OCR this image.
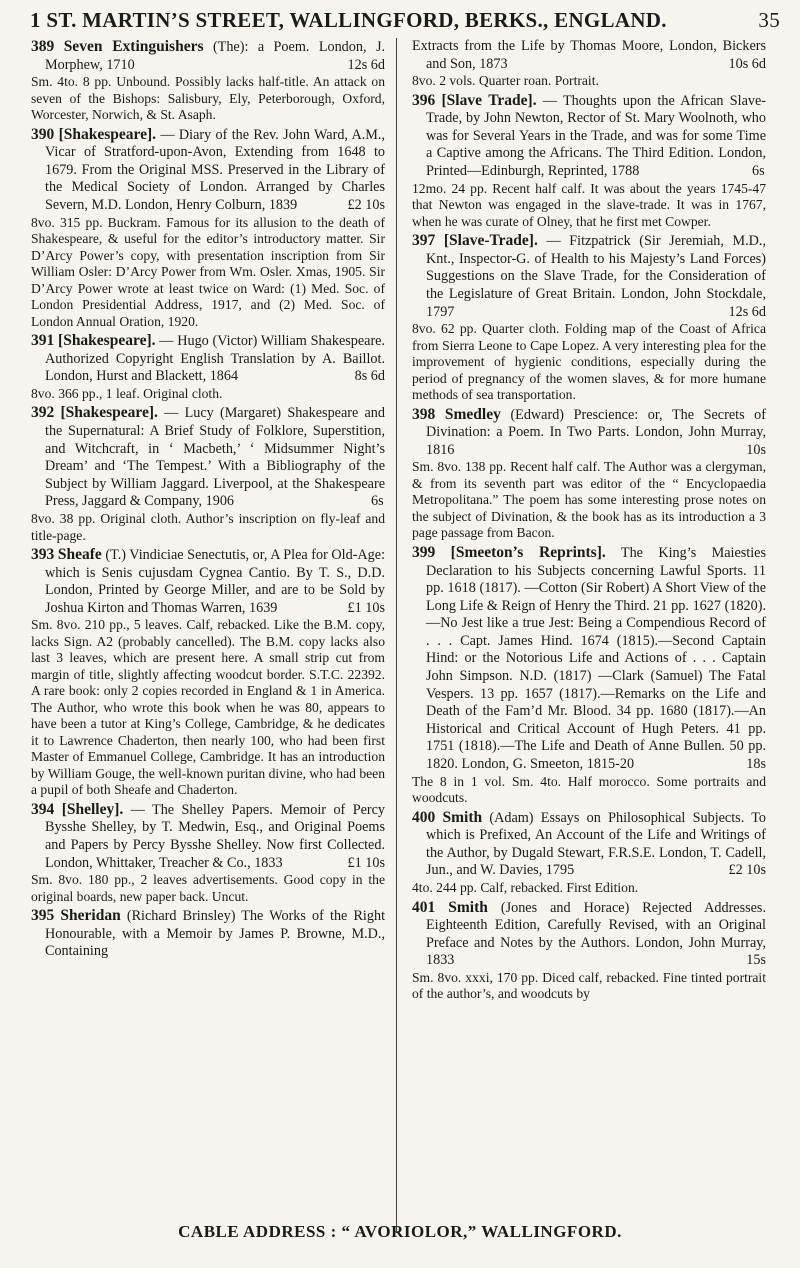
1 ST. MARTIN’S STREET, WALLINGFORD, BERKS., ENGLAND.	35
389 Seven Extinguishers (The): a Poem. London, J. Morphew, 1710	12s 6d
Sm. 4to. 8 pp. Unbound. Possibly lacks half-title. An attack on seven of the Bishops: Salisbury, Ely, Peterborough, Oxford, Worcester, Norwich, & St. Asaph.
390 [Shakespeare]. — Diary of the Rev. John Ward, A.M., Vicar of Stratford-upon-Avon, Extending from 1648 to 1679. From the Original MSS. Preserved in the Library of the Medical Society of London. Arranged by Charles Severn, M.D. London, Henry Colburn, 1839	£2 10s
8vo. 315 pp. Buckram. Famous for its allusion to the death of Shakespeare, & useful for the editor’s introductory matter. Sir D’Arcy Power’s copy, with presentation inscription from Sir William Osler: D’Arcy Power from Wm. Osler. Xmas, 1905. Sir D’Arcy Power wrote at least twice on Ward: (1) Med. Soc. of London Presidential Address, 1917, and (2) Med. Soc. of London Annual Oration, 1920.
391 [Shakespeare]. — Hugo (Victor) William Shakespeare. Authorized Copyright English Translation by A. Baillot. London, Hurst and Blackett, 1864	8s 6d
8vo. 366 pp., 1 leaf. Original cloth.
392 [Shakespeare]. — Lucy (Margaret) Shakespeare and the Supernatural: A Brief Study of Folklore, Superstition, and Witchcraft, in ‘ Macbeth,’ ‘ Midsummer Night’s Dream’ and ‘The Tempest.’ With a Bibliography of the Subject by William Jaggard. Liverpool, at the Shakespeare Press, Jaggard & Company, 1906	6s
8vo. 38 pp. Original cloth. Author’s inscription on fly-leaf and title-page.
393 Sheafe (T.) Vindiciae Senectutis, or, A Plea for Old-Age: which is Senis cujusdam Cygnea Cantio. By T. S., D.D. London, Printed by George Miller, and are to be Sold by Joshua Kirton and Thomas Warren, 1639	£1 10s
Sm. 8vo. 210 pp., 5 leaves. Calf, rebacked. Like the B.M. copy, lacks Sign. A2 (probably cancelled). The B.M. copy lacks also last 3 leaves, which are present here. A small strip cut from margin of title, slightly affecting woodcut border. S.T.C. 22392. A rare book: only 2 copies recorded in England & 1 in America. The Author, who wrote this book when he was 80, appears to have been a tutor at King’s College, Cambridge, & he dedicates it to Lawrence Chaderton, then nearly 100, who had been first Master of Emmanuel College, Cambridge. It has an introduction by William Gouge, the well-known puritan divine, who had been a pupil of both Sheafe and Chaderton.
394 [Shelley]. — The Shelley Papers. Memoir of Percy Bysshe Shelley, by T. Medwin, Esq., and Original Poems and Papers by Percy Bysshe Shelley. Now first Collected. London, Whittaker, Treacher & Co., 1833	£1 10s
Sm. 8vo. 180 pp., 2 leaves advertisements. Good copy in the original boards, new paper back. Uncut.
395 Sheridan (Richard Brinsley) The Works of the Right Honourable, with a Memoir by James P. Browne, M.D., Containing
Extracts from the Life by Thomas Moore, London, Bickers and Son, 1873	10s 6d
8vo. 2 vols. Quarter roan. Portrait.
396 [Slave Trade]. — Thoughts upon the African Slave-Trade, by John Newton, Rector of St. Mary Woolnoth, who was for Several Years in the Trade, and was for some Time a Captive among the Africans. The Third Edition. London, Printed—Edinburgh, Reprinted, 1788	6s
12mo. 24 pp. Recent half calf. It was about the years 1745-47 that Newton was engaged in the slave-trade. It was in 1767, when he was curate of Olney, that he first met Cowper.
397 [Slave-Trade]. — Fitzpatrick (Sir Jeremiah, M.D., Knt., Inspector-G. of Health to his Majesty’s Land Forces) Suggestions on the Slave Trade, for the Consideration of the Legislature of Great Britain. London, John Stockdale, 1797	12s 6d
8vo. 62 pp. Quarter cloth. Folding map of the Coast of Africa from Sierra Leone to Cape Lopez. A very interesting plea for the improvement of hygienic conditions, especially during the period of pregnancy of the women slaves, & for more humane methods of sea transportation.
398 Smedley (Edward) Prescience: or, The Secrets of Divination: a Poem. In Two Parts. London, John Murray, 1816	10s
Sm. 8vo. 138 pp. Recent half calf. The Author was a clergyman, & from its seventh part was editor of the “ Encyclopaedia Metropolitana.” The poem has some interesting prose notes on the subject of Divination, & the book has as its introduction a 3 page passage from Bacon.
399 [Smeeton’s Reprints]. The King’s Maiesties Declaration to his Subjects concerning Lawful Sports. 11 pp. 1618 (1817). —Cotton (Sir Robert) A Short View of the Long Life & Reign of Henry the Third. 21 pp. 1627 (1820).—No Jest like a true Jest: Being a Compendious Record of . . . Capt. James Hind. 1674 (1815).—Second Captain Hind: or the Notorious Life and Actions of . . . Captain John Simpson. N.D. (1817) —Clark (Samuel) The Fatal Vespers. 13 pp. 1657 (1817).—Remarks on the Life and Death of the Fam’d Mr. Blood. 34 pp. 1680 (1817).—An Historical and Critical Account of Hugh Peters. 41 pp. 1751 (1818).—The Life and Death of Anne Bullen. 50 pp. 1820. London, G. Smeeton, 1815-20	18s
The 8 in 1 vol. Sm. 4to. Half morocco. Some portraits and woodcuts.
400 Smith (Adam) Essays on Philosophical Subjects. To which is Prefixed, An Account of the Life and Writings of the Author, by Dugald Stewart, F.R.S.E. London, T. Cadell, Jun., and W. Davies, 1795	£2 10s
4to. 244 pp. Calf, rebacked. First Edition.
401 Smith (Jones and Horace) Rejected Addresses. Eighteenth Edition, Carefully Revised, with an Original Preface and Notes by the Authors. London, John Murray, 1833	15s
Sm. 8vo. xxxi, 170 pp. Diced calf, rebacked. Fine tinted portrait of the author’s, and woodcuts by
CABLE ADDRESS : “ AVORIOLOR,” WALLINGFORD.
